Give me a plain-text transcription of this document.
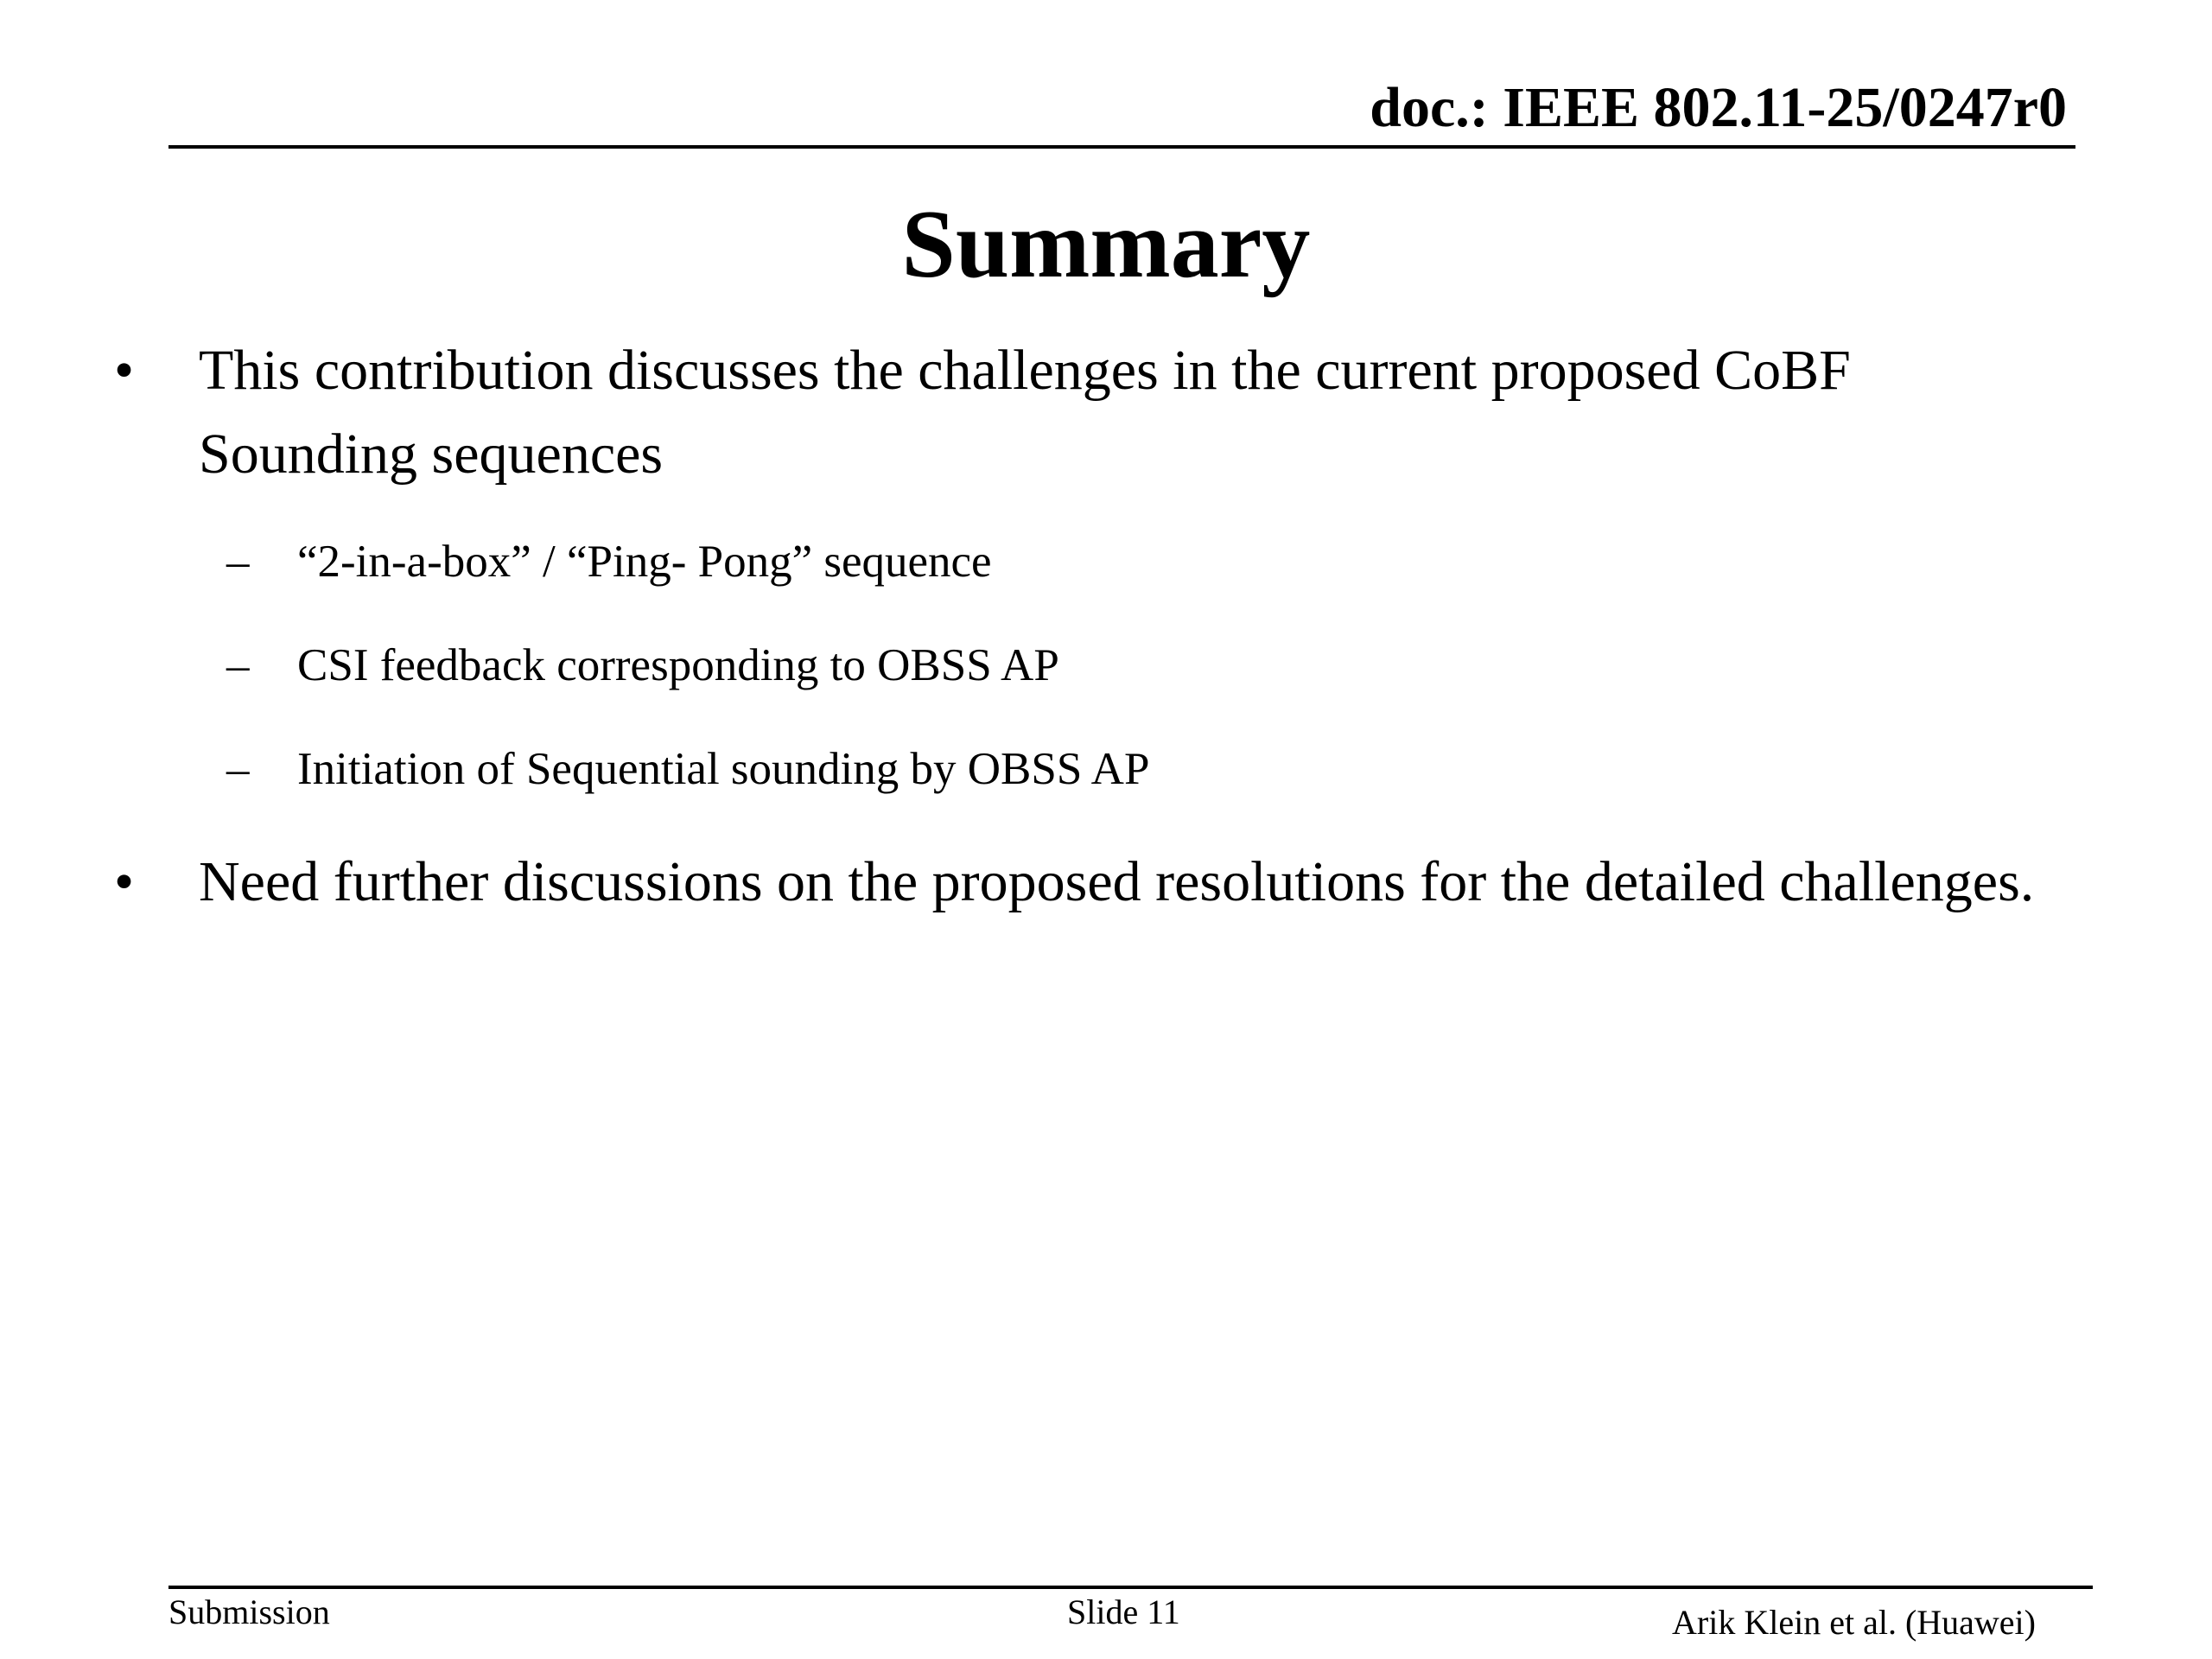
doc.: IEEE 802.11-25/0247r0
Summary
• This contribution discusses the challenges in the current proposed CoBF Sounding sequences
– “2-in-a-box” / “Ping- Pong” sequence
– CSI feedback corresponding to OBSS AP
– Initiation of Sequential sounding by OBSS AP
• Need further discussions on the proposed resolutions for the detailed challenges.
Submission	Slide 11	Arik Klein et al. (Huawei)
